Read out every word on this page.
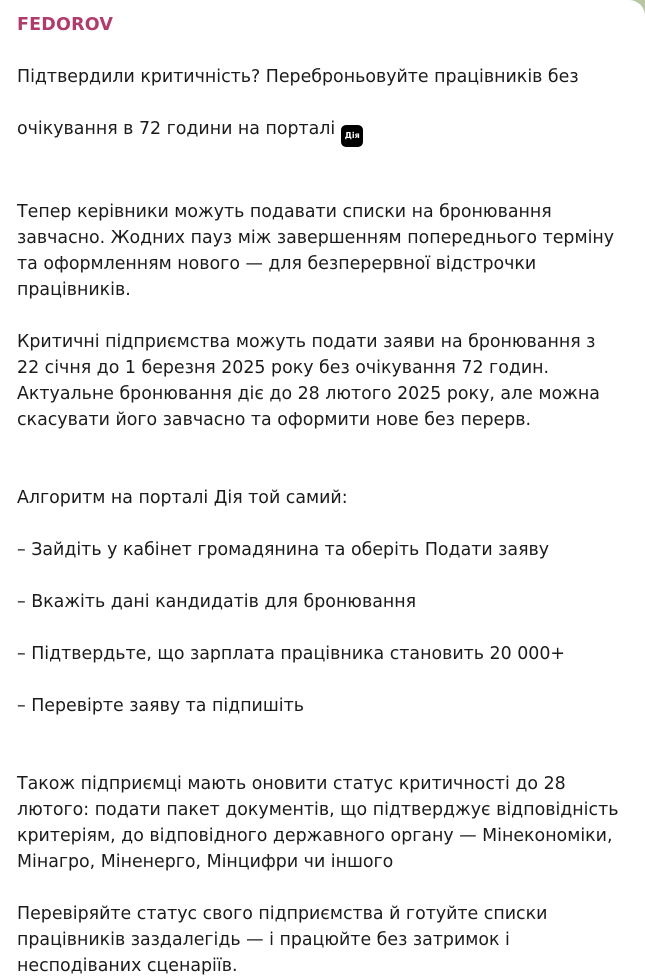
FEDOROV

Підтвердили критичність? Переброньовуйте працівників без

очікування в 72 години на порталі Дія

Тепер керівники можуть подавати списки на бронювання
завчасно. Жодних пауз між завершенням попереднього терміну
та оформленням нового — для безперервної відстрочки
працівників.

Критичні підприємства можуть подати заяви на бронювання з
22 січня до 1 березня 2025 року без очікування 72 годин.
Актуальне бронювання діє до 28 лютого 2025 року, але можна
скасувати його завчасно та оформити нове без перерв.

Алгоритм на порталі Дія той самий:

– Зайдіть у кабінет громадянина та оберіть Подати заяву

– Вкажіть дані кандидатів для бронювання

– Підтвердьте, що зарплата працівника становить 20 000+

– Перевірте заяву та підпишіть

Також підприємці мають оновити статус критичності до 28
лютого: подати пакет документів, що підтверджує відповідність
критеріям, до відповідного державного органу — Мінекономіки,
Мінагро, Міненерго, Мінцифри чи іншого

Перевіряйте статус свого підприємства й готуйте списки
працівників заздалегідь — і працюйте без затримок і
несподіваних сценаріїв.
